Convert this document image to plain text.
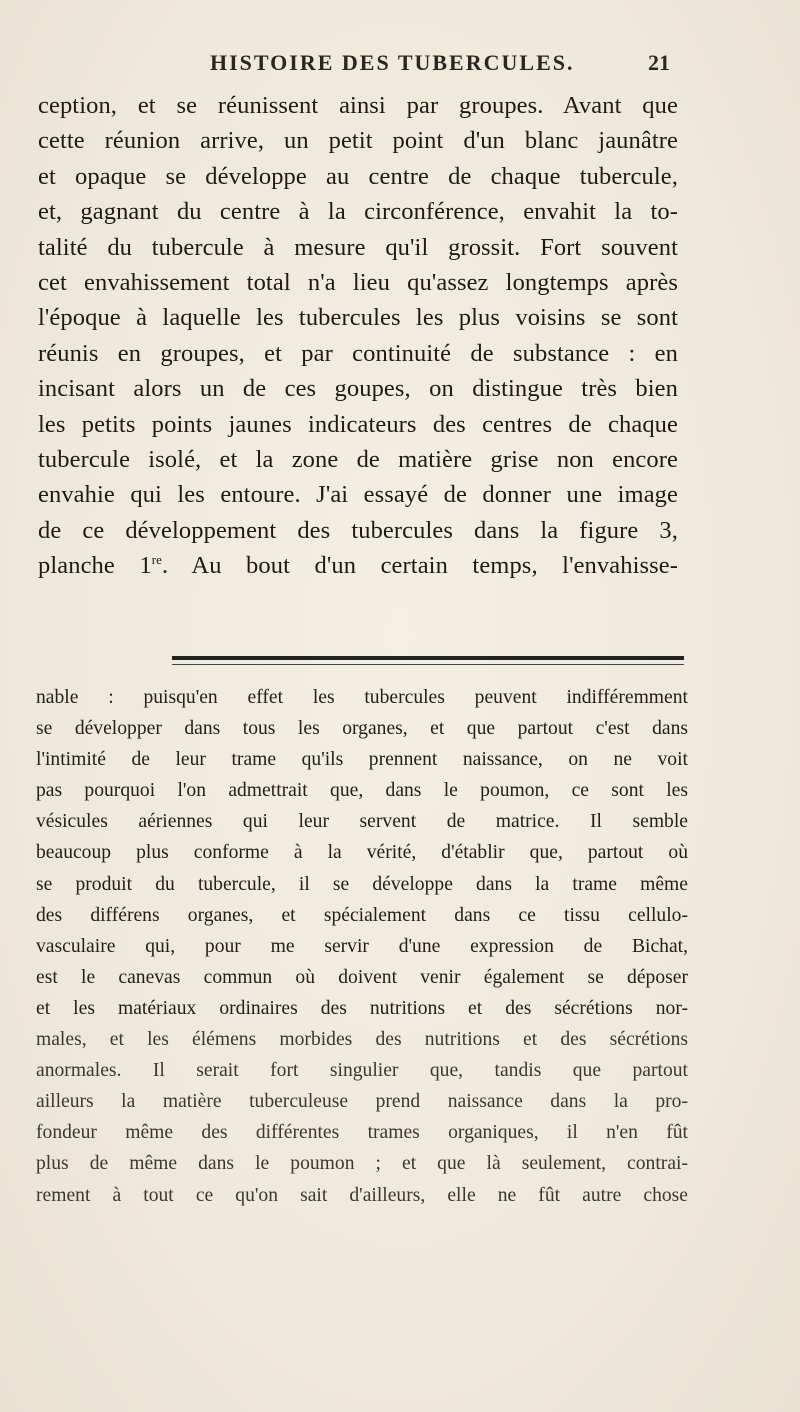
HISTOIRE DES TUBERCULES.	21
ception, et se réunissent ainsi par groupes. Avant que
cette réunion arrive, un petit point d'un blanc jaunâtre
et opaque se développe au centre de chaque tubercule,
et, gagnant du centre à la circonférence, envahit la to-
talité du tubercule à mesure qu'il grossit. Fort souvent
cet envahissement total n'a lieu qu'assez longtemps après
l'époque à laquelle les tubercules les plus voisins se sont
réunis en groupes, et par continuité de substance : en
incisant alors un de ces goupes, on distingue très bien
les petits points jaunes indicateurs des centres de chaque
tubercule isolé, et la zone de matière grise non encore
envahie qui les entoure. J'ai essayé de donner une image
de ce développement des tubercules dans la figure 3,
planche 1re. Au bout d'un certain temps, l'envahisse-
nable : puisqu'en effet les tubercules peuvent indifféremment
se développer dans tous les organes, et que partout c'est dans
l'intimité de leur trame qu'ils prennent naissance, on ne voit
pas pourquoi l'on admettrait que, dans le poumon, ce sont les
vésicules aériennes qui leur servent de matrice. Il semble
beaucoup plus conforme à la vérité, d'établir que, partout où
se produit du tubercule, il se développe dans la trame même
des différens organes, et spécialement dans ce tissu cellulo-
vasculaire qui, pour me servir d'une expression de Bichat,
est le canevas commun où doivent venir également se déposer
et les matériaux ordinaires des nutritions et des sécrétions nor-
males, et les élémens morbides des nutritions et des sécrétions
anormales. Il serait fort singulier que, tandis que partout
ailleurs la matière tuberculeuse prend naissance dans la pro-
fondeur même des différentes trames organiques, il n'en fût
plus de même dans le poumon ; et que là seulement, contrai-
rement à tout ce qu'on sait d'ailleurs, elle ne fût autre chose
